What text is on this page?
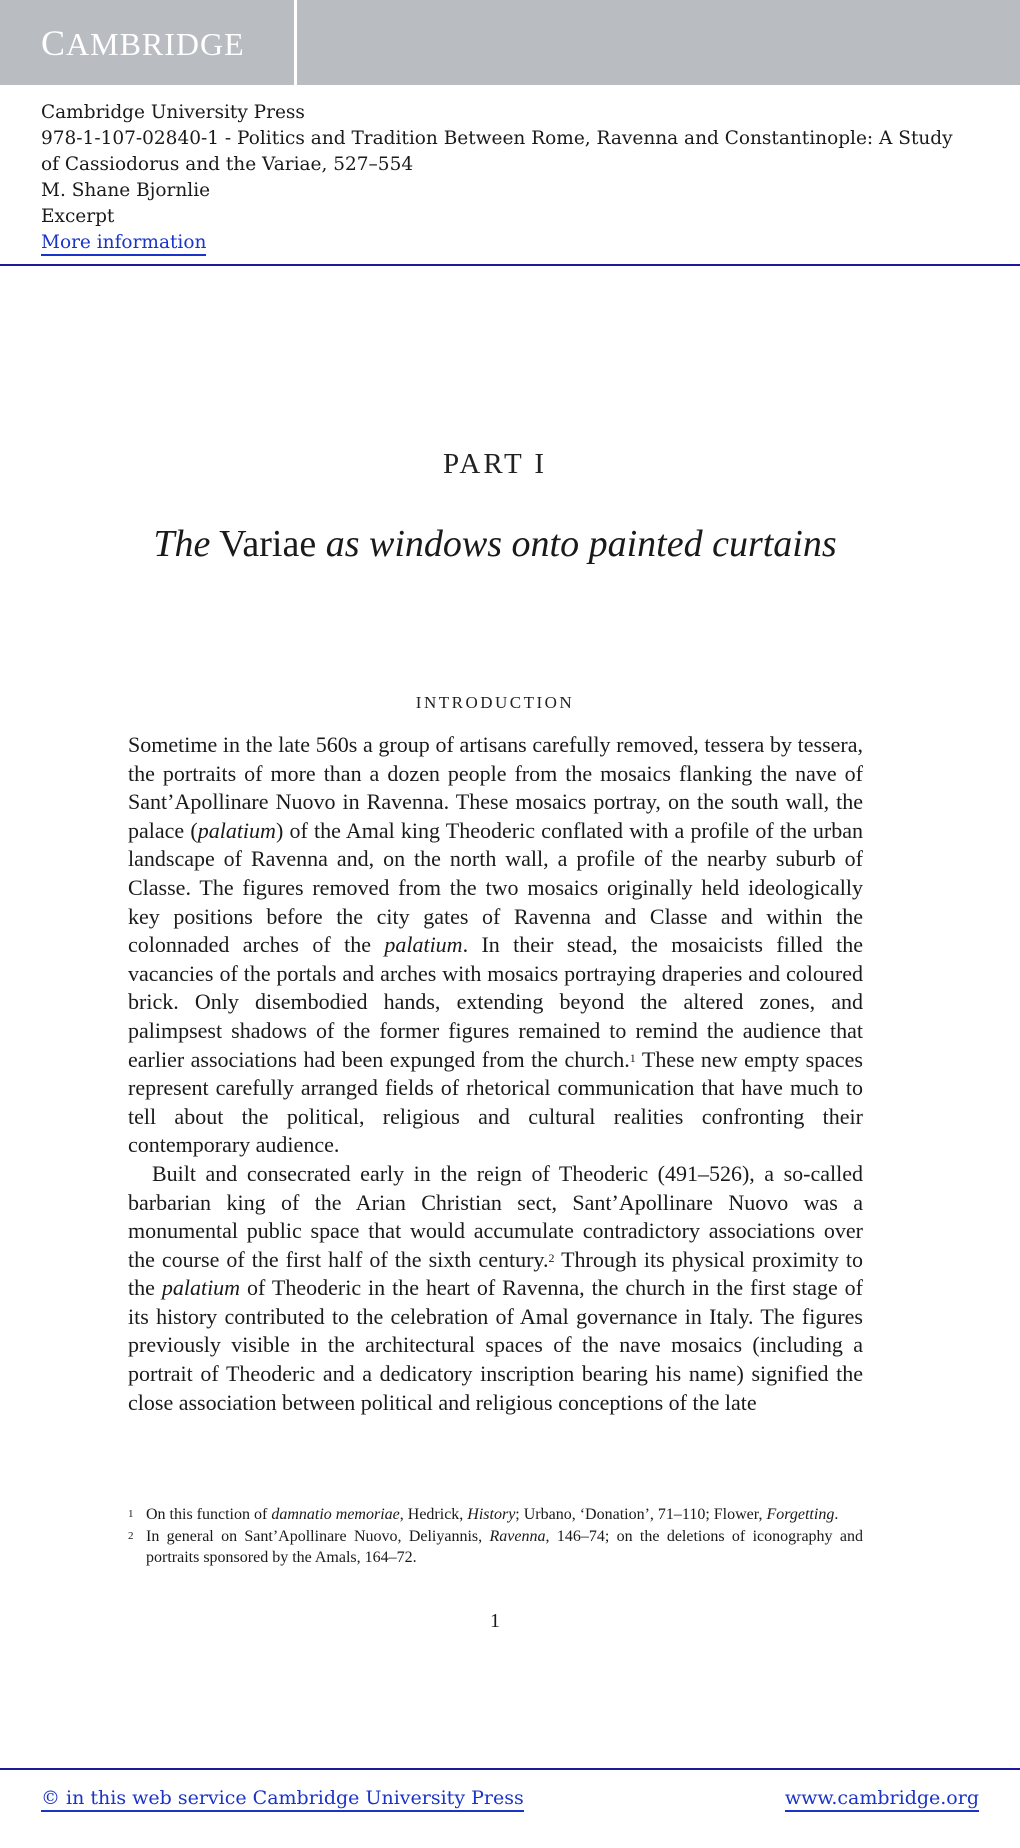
CAMBRIDGE
Cambridge University Press
978-1-107-02840-1 - Politics and Tradition Between Rome, Ravenna and Constantinople: A Study
of Cassiodorus and the Variae, 527–554
M. Shane Bjornlie
Excerpt
More information
PART I
The Variae as windows onto painted curtains
INTRODUCTION

Sometime in the late 560s a group of artisans carefully removed, tessera by tessera, the portraits of more than a dozen people from the mosaics flanking the nave of Sant’Apollinare Nuovo in Ravenna. These mosaics portray, on the south wall, the palace (palatium) of the Amal king Theoderic conflated with a profile of the urban landscape of Ravenna and, on the north wall, a profile of the nearby suburb of Classe. The figures removed from the two mosaics originally held ideologically key positions before the city gates of Ravenna and Classe and within the colonnaded arches of the palatium. In their stead, the mosaicists filled the vacancies of the portals and arches with mosaics portraying draperies and coloured brick. Only disembodied hands, extending beyond the altered zones, and palimpsest shadows of the former figures remained to remind the audience that earlier associations had been expunged from the church.$^1$ These new empty spaces represent carefully arranged fields of rhetorical communication that have much to tell about the political, religious and cultural realities confronting their contemporary audience.

Built and consecrated early in the reign of Theoderic (491–526), a so-called barbarian king of the Arian Christian sect, Sant’Apollinare Nuovo was a monumental public space that would accumulate contradictory associations over the course of the first half of the sixth century.$^2$ Through its physical proximity to the palatium of Theoderic in the heart of Ravenna, the church in the first stage of its history contributed to the celebration of Amal governance in Italy. The figures previously visible in the architectural spaces of the nave mosaics (including a portrait of Theoderic and a dedicatory inscription bearing his name) signified the close association between political and religious conceptions of the late

1 On this function of damnatio memoriae, Hedrick, History; Urbano, ‘Donation’, 71–110; Flower, Forgetting.
2 In general on Sant’Apollinare Nuovo, Deliyannis, Ravenna, 146–74; on the deletions of iconography and portraits sponsored by the Amals, 164–72.
1
© in this web service Cambridge University Press	www.cambridge.org
